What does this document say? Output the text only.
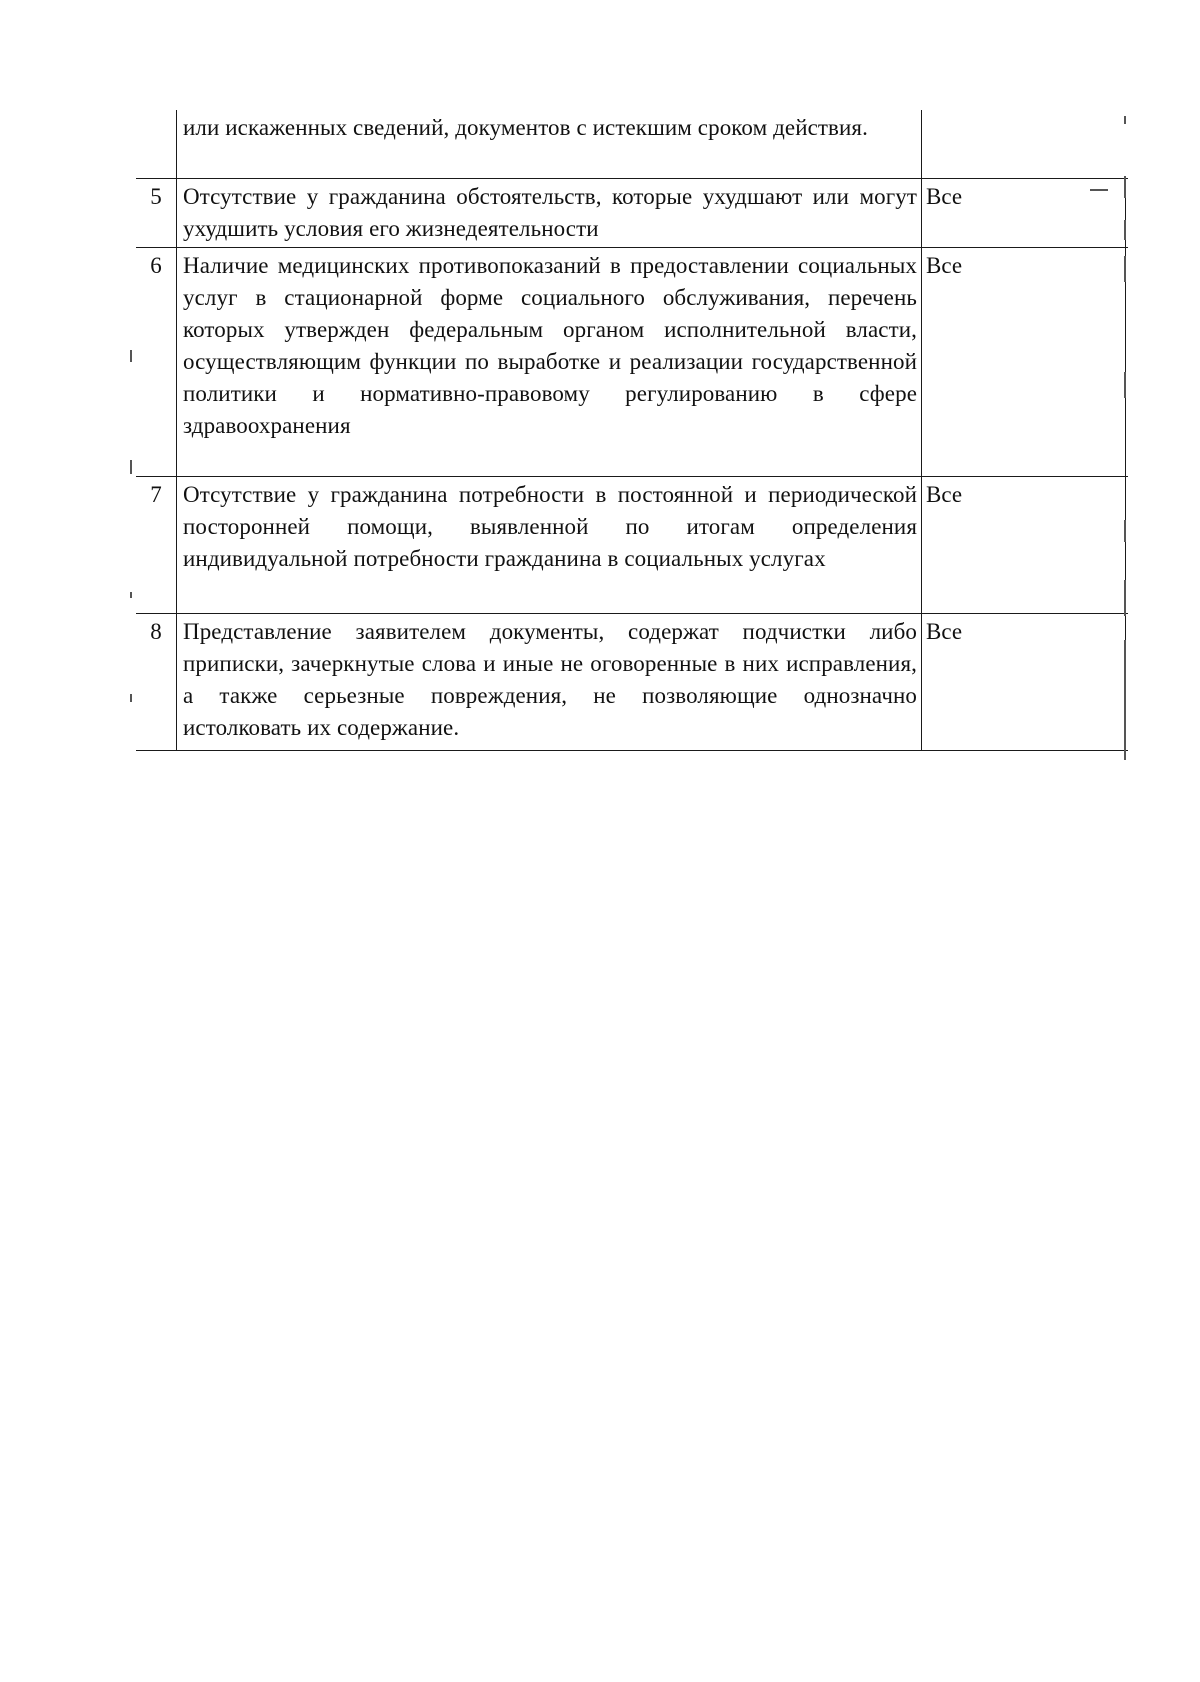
или искаженных сведений, документов с истекшим сроком действия.
5 Отсутствие у гражданина обстоятельств, которые ухудшают или могут ухудшить условия его жизнедеятельности
Все
6 Наличие медицинских противопоказаний в предоставлении социальных услуг в стационарной форме социального обслуживания, перечень которых утвержден федеральным органом исполнительной власти, осуществляющим функции по выработке и реализации государственной политики и нормативно-правовому регулированию в сфере здравоохранения
Все
7 Отсутствие у гражданина потребности в постоянной и периодической посторонней помощи, выявленной по итогам определения индивидуальной потребности гражданина в социальных услугах
Все
8 Представление заявителем документы, содержат подчистки либо приписки, зачеркнутые слова и иные не оговоренные в них исправления, а также серьезные повреждения, не позволяющие однозначно истолковать их содержание.
Все
